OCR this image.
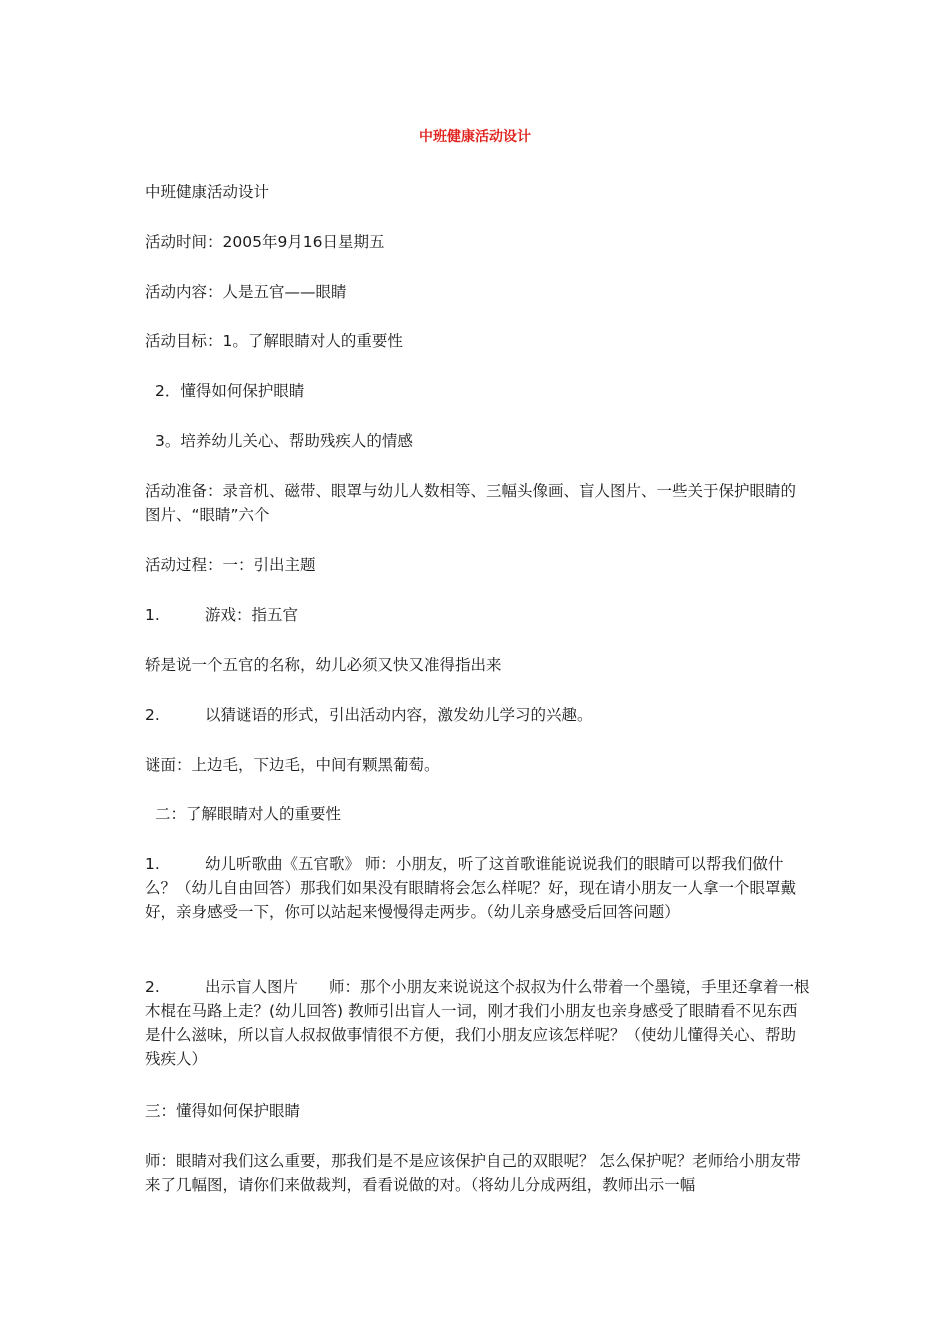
中班健康活动设计
中班健康活动设计
活动时间：2005年9月16日星期五
活动内容：人是五官——眼睛
活动目标：1。了解眼睛对人的重要性
2．懂得如何保护眼睛
3。培养幼儿关心、帮助残疾人的情感
活动准备：录音机、磁带、眼罩与幼儿人数相等、三幅头像画、盲人图片、一些关于保护眼睛的图片、“眼睛”六个
活动过程：一：引出主题
1.	游戏：指五官
轿是说一个五官的名称，幼儿必须又快又准得指出来
2.	以猜谜语的形式，引出活动内容，激发幼儿学习的兴趣。
谜面：上边毛，下边毛，中间有颗黑葡萄。
二：了解眼睛对人的重要性
1.	幼儿听歌曲《五官歌》 师：小朋友，听了这首歌谁能说说我们的眼睛可以帮我们做什么？（幼儿自由回答）那我们如果没有眼睛将会怎么样呢？好，现在请小朋友一人拿一个眼罩戴好，亲身感受一下，你可以站起来慢慢得走两步。（幼儿亲身感受后回答问题）
2.	出示盲人图片　　师：那个小朋友来说说这个叔叔为什么带着一个墨镜，手里还拿着一根木棍在马路上走？(幼儿回答) 教师引出盲人一词，刚才我们小朋友也亲身感受了眼睛看不见东西是什么滋味，所以盲人叔叔做事情很不方便，我们小朋友应该怎样呢？（使幼儿懂得关心、帮助残疾人）
三：懂得如何保护眼睛
师：眼睛对我们这么重要，那我们是不是应该保护自己的双眼呢？ 怎么保护呢？老师给小朋友带来了几幅图，请你们来做裁判，看看说做的对。（将幼儿分成两组，教师出示一幅
